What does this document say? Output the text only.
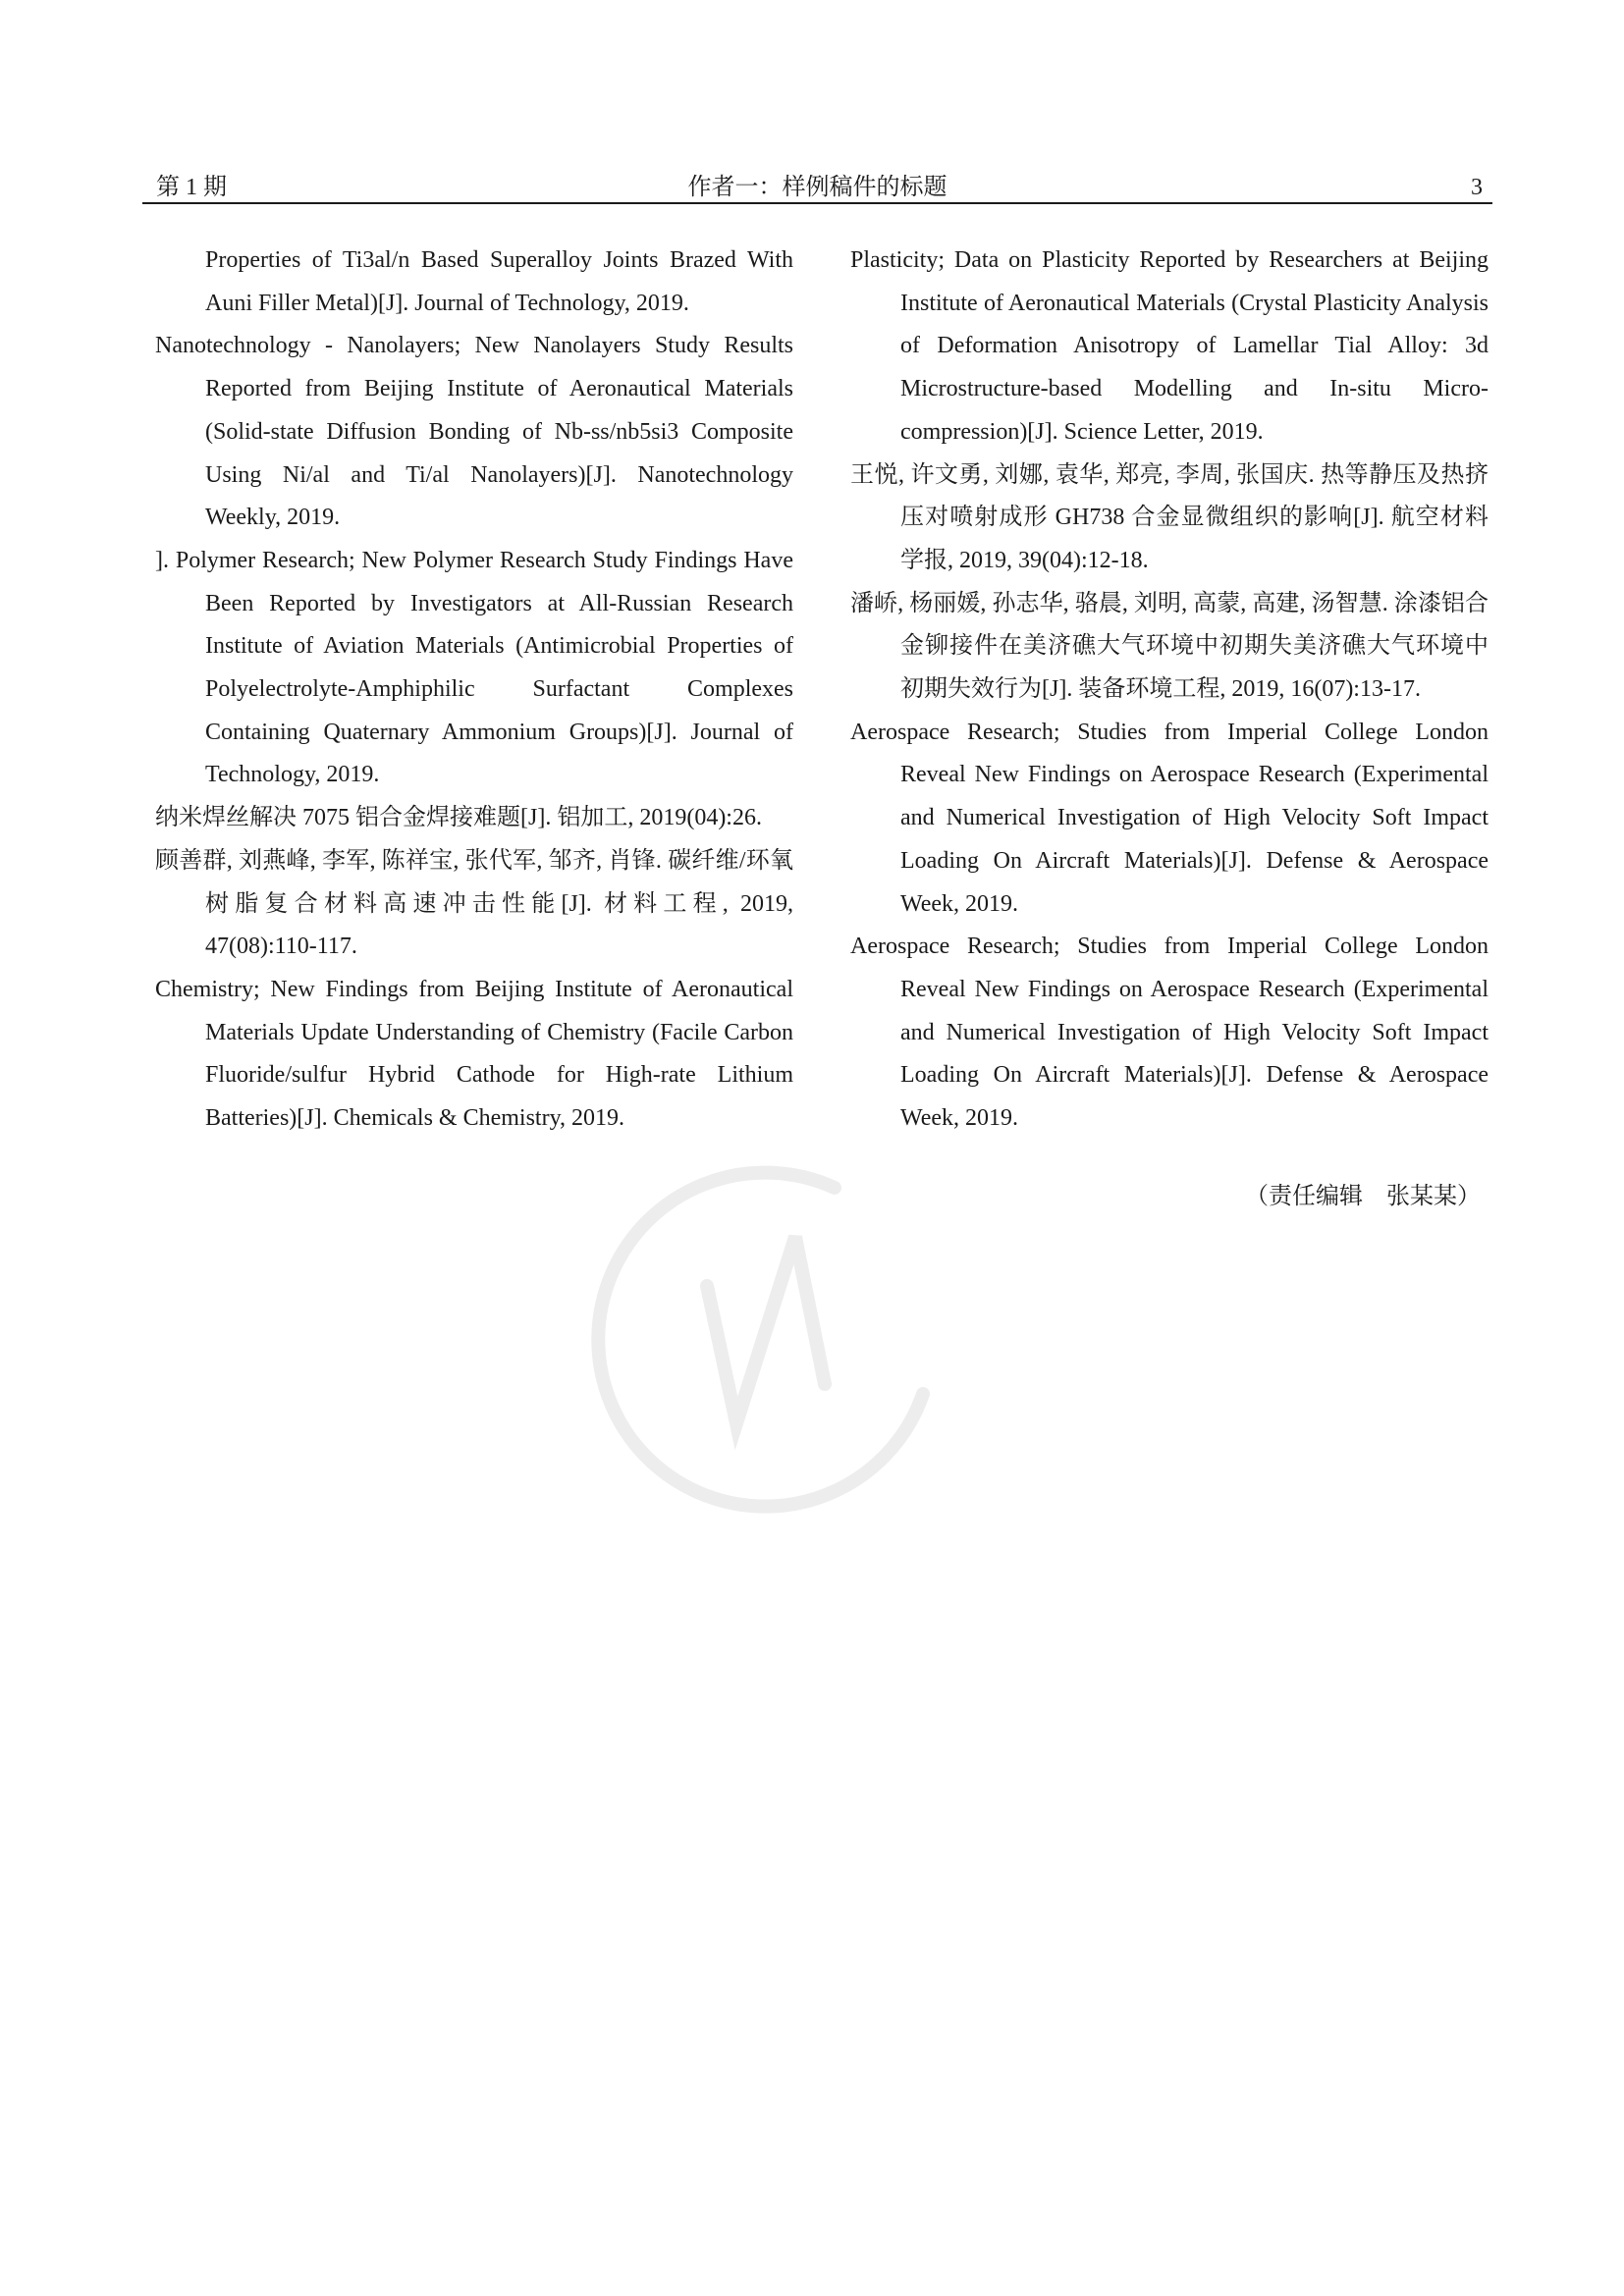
第 1 期	作者一：样例稿件的标题	3

Properties of Ti3al/n Based Superalloy Joints Brazed With Auni Filler Metal)[J]. Journal of Technology, 2019.

Nanotechnology - Nanolayers; New Nanolayers Study Results Reported from Beijing Institute of Aeronautical Materials (Solid-state Diffusion Bonding of Nb-ss/nb5si3 Composite Using Ni/al and Ti/al Nanolayers)[J]. Nanotechnology Weekly, 2019.

]. Polymer Research; New Polymer Research Study Findings Have Been Reported by Investigators at All-Russian Research Institute of Aviation Materials (Antimicrobial Properties of Polyelectrolyte-Amphiphilic Surfactant Complexes Containing Quaternary Ammonium Groups)[J]. Journal of Technology, 2019.

纳米焊丝解决 7075 铝合金焊接难题[J]. 铝加工, 2019(04):26.

顾善群, 刘燕峰, 李军, 陈祥宝, 张代军, 邹齐, 肖锋. 碳纤维/环氧树脂复合材料高速冲击性能[J]. 材料工程, 2019, 47(08):110-117.

Chemistry; New Findings from Beijing Institute of Aeronautical Materials Update Understanding of Chemistry (Facile Carbon Fluoride/sulfur Hybrid Cathode for High-rate Lithium Batteries)[J]. Chemicals & Chemistry, 2019.

Plasticity; Data on Plasticity Reported by Researchers at Beijing Institute of Aeronautical Materials (Crystal Plasticity Analysis of Deformation Anisotropy of Lamellar Tial Alloy: 3d Microstructure-based Modelling and In-situ Micro-compression)[J]. Science Letter, 2019.

王悦, 许文勇, 刘娜, 袁华, 郑亮, 李周, 张国庆. 热等静压及热挤压对喷射成形 GH738 合金显微组织的影响[J]. 航空材料学报, 2019, 39(04):12-18.

潘峤, 杨丽媛, 孙志华, 骆晨, 刘明, 高蒙, 高建, 汤智慧. 涂漆铝合金铆接件在美济礁大气环境中初期失美济礁大气环境中初期失效行为[J]. 装备环境工程, 2019, 16(07):13-17.

Aerospace Research; Studies from Imperial College London Reveal New Findings on Aerospace Research (Experimental and Numerical Investigation of High Velocity Soft Impact Loading On Aircraft Materials)[J]. Defense & Aerospace Week, 2019.

Aerospace Research; Studies from Imperial College London Reveal New Findings on Aerospace Research (Experimental and Numerical Investigation of High Velocity Soft Impact Loading On Aircraft Materials)[J]. Defense & Aerospace Week, 2019.

（责任编辑　张某某）
